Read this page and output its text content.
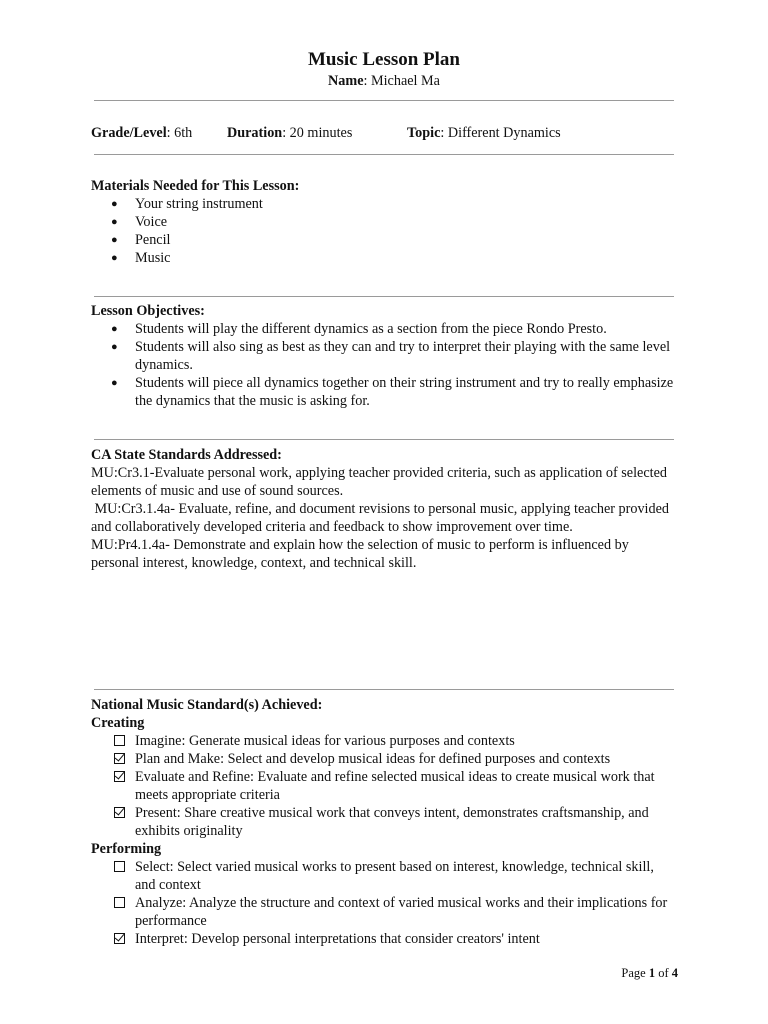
Music Lesson Plan
Name: Michael Ma
Grade/Level: 6th Duration: 20 minutes	Topic: Different Dynamics
Materials Needed for This Lesson:
● Your string instrument
● Voice
● Pencil
● Music
Lesson Objectives:
● Students will play the different dynamics as a section from the piece Rondo Presto.
● Students will also sing as best as they can and try to interpret their playing with the same level dynamics.
● Students will piece all dynamics together on their string instrument and try to really emphasize the dynamics that the music is asking for.
CA State Standards Addressed:
MU:Cr3.1-Evaluate personal work, applying teacher provided criteria, such as application of selected elements of music and use of sound sources.
MU:Cr3.1.4a- Evaluate, refine, and document revisions to personal music, applying teacher provided and collaboratively developed criteria and feedback to show improvement over time.
MU:Pr4.1.4a- Demonstrate and explain how the selection of music to perform is influenced by personal interest, knowledge, context, and technical skill.
National Music Standard(s) Achieved:
Creating
Imagine: Generate musical ideas for various purposes and contexts
Plan and Make: Select and develop musical ideas for defined purposes and contexts
Evaluate and Refine: Evaluate and refine selected musical ideas to create musical work that meets appropriate criteria
Present: Share creative musical work that conveys intent, demonstrates craftsmanship, and exhibits originality
Performing
Select: Select varied musical works to present based on interest, knowledge, technical skill, and context
Analyze: Analyze the structure and context of varied musical works and their implications for performance
Interpret: Develop personal interpretations that consider creators' intent
Page 1 of 4
